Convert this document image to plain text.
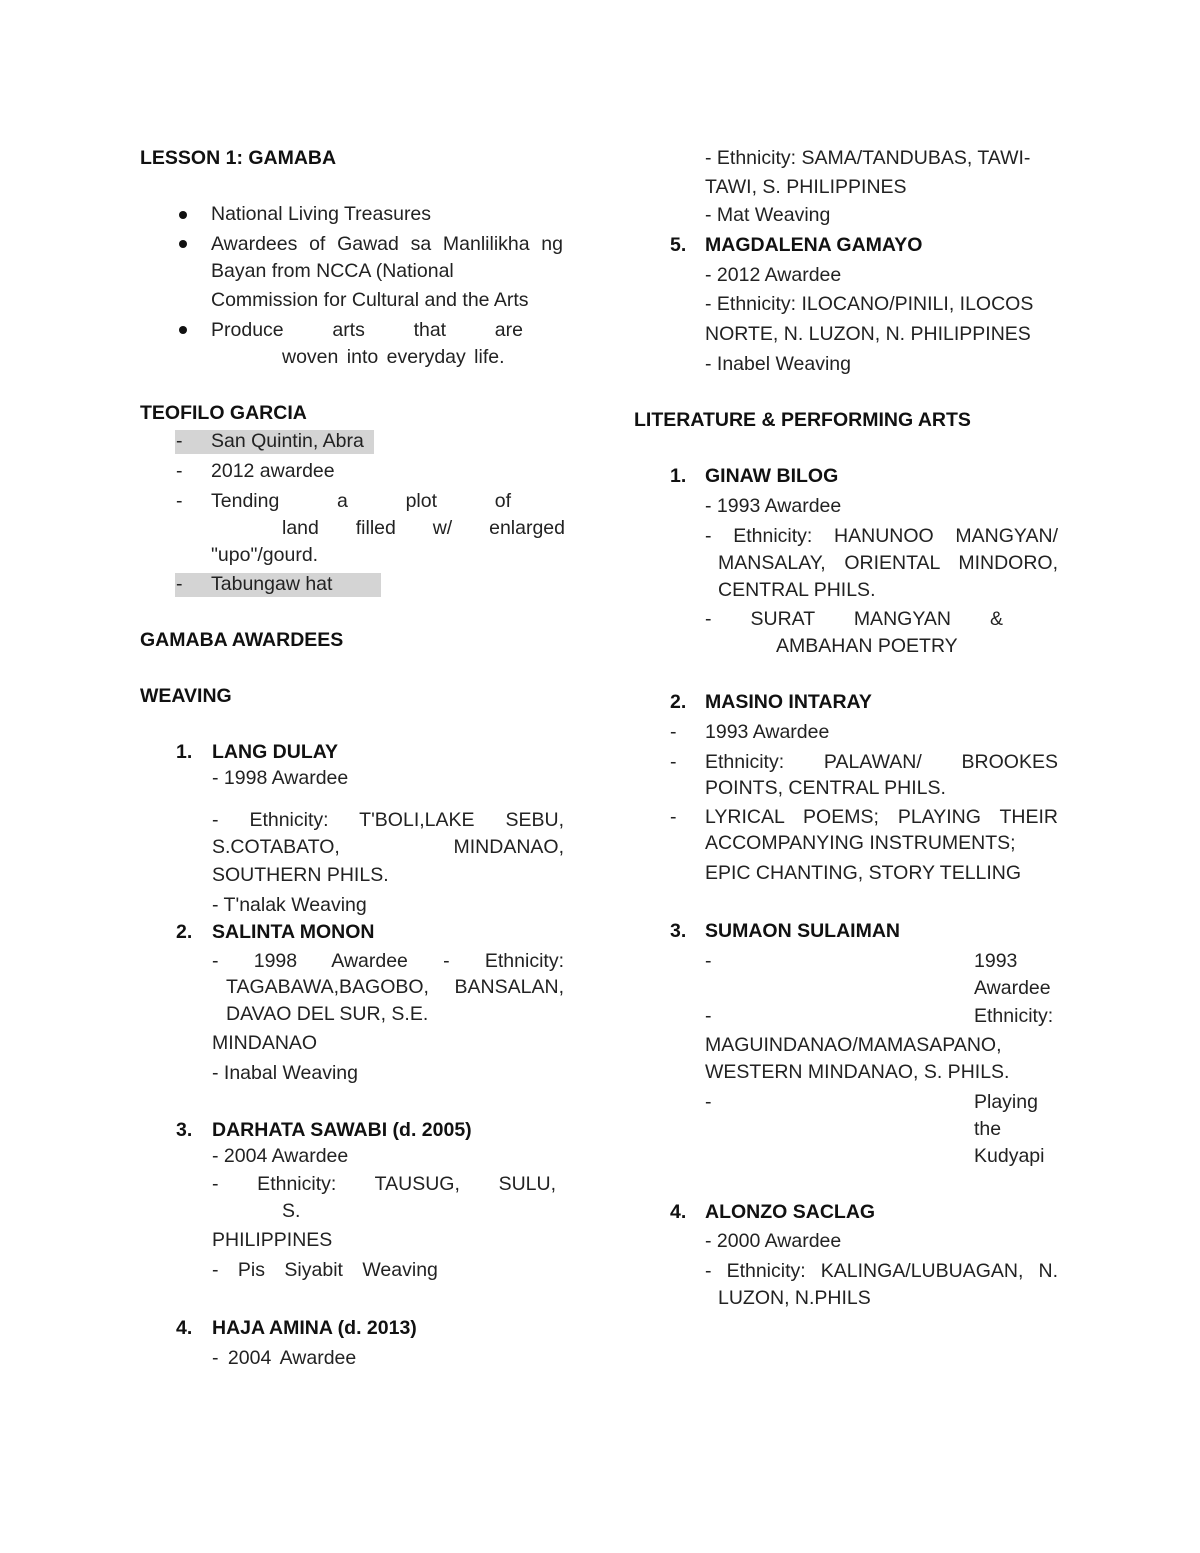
LESSON 1: GAMABA
National Living Treasures
Awardees of Gawad sa Manlilikha ng
Bayan from NCCA (National
Commission for Cultural and the Arts
Produce arts that are
woven into everyday life.
TEOFILO GARCIA
- San Quintin, Abra
- 2012 awardee
- Tending a plot of
land filled w/ enlarged
"upo"/gourd.
- Tabungaw hat
GAMABA AWARDEES
WEAVING
1. LANG DULAY
- 1998 Awardee
- Ethnicity: T'BOLI,LAKE SEBU,
S.COTABATO, MINDANAO,
SOUTHERN PHILS.
- T'nalak Weaving
2. SALINTA MONON
- 1998 Awardee - Ethnicity:
TAGABAWA,BAGOBO, BANSALAN,
DAVAO DEL SUR, S.E.
MINDANAO
- Inabal Weaving
3. DARHATA SAWABI (d. 2005)
- 2004 Awardee
- Ethnicity: TAUSUG, SULU,
S.
PHILIPPINES
- Pis Siyabit Weaving
4. HAJA AMINA (d. 2013)
- 2004 Awardee
- Ethnicity: SAMA/TANDUBAS, TAWI-
TAWI, S. PHILIPPINES
- Mat Weaving
5. MAGDALENA GAMAYO
- 2012 Awardee
- Ethnicity: ILOCANO/PINILI, ILOCOS
NORTE, N. LUZON, N. PHILIPPINES
- Inabel Weaving
LITERATURE & PERFORMING ARTS
1. GINAW BILOG
- 1993 Awardee
- Ethnicity: HANUNOO MANGYAN/
MANSALAY, ORIENTAL MINDORO,
CENTRAL PHILS.
- SURAT MANGYAN &
AMBAHAN POETRY
2. MASINO INTARAY
- 1993 Awardee
- Ethnicity: PALAWAN/ BROOKES
POINTS, CENTRAL PHILS.
- LYRICAL POEMS; PLAYING THEIR
ACCOMPANYING INSTRUMENTS;
EPIC CHANTING, STORY TELLING
3. SUMAON SULAIMAN
-	1993
Awardee
-	Ethnicity:
MAGUINDANAO/MAMASAPANO,
WESTERN MINDANAO, S. PHILS.
-	Playing
the
Kudyapi
4. ALONZO SACLAG
- 2000 Awardee
- Ethnicity: KALINGA/LUBUAGAN, N.
LUZON, N.PHILS
